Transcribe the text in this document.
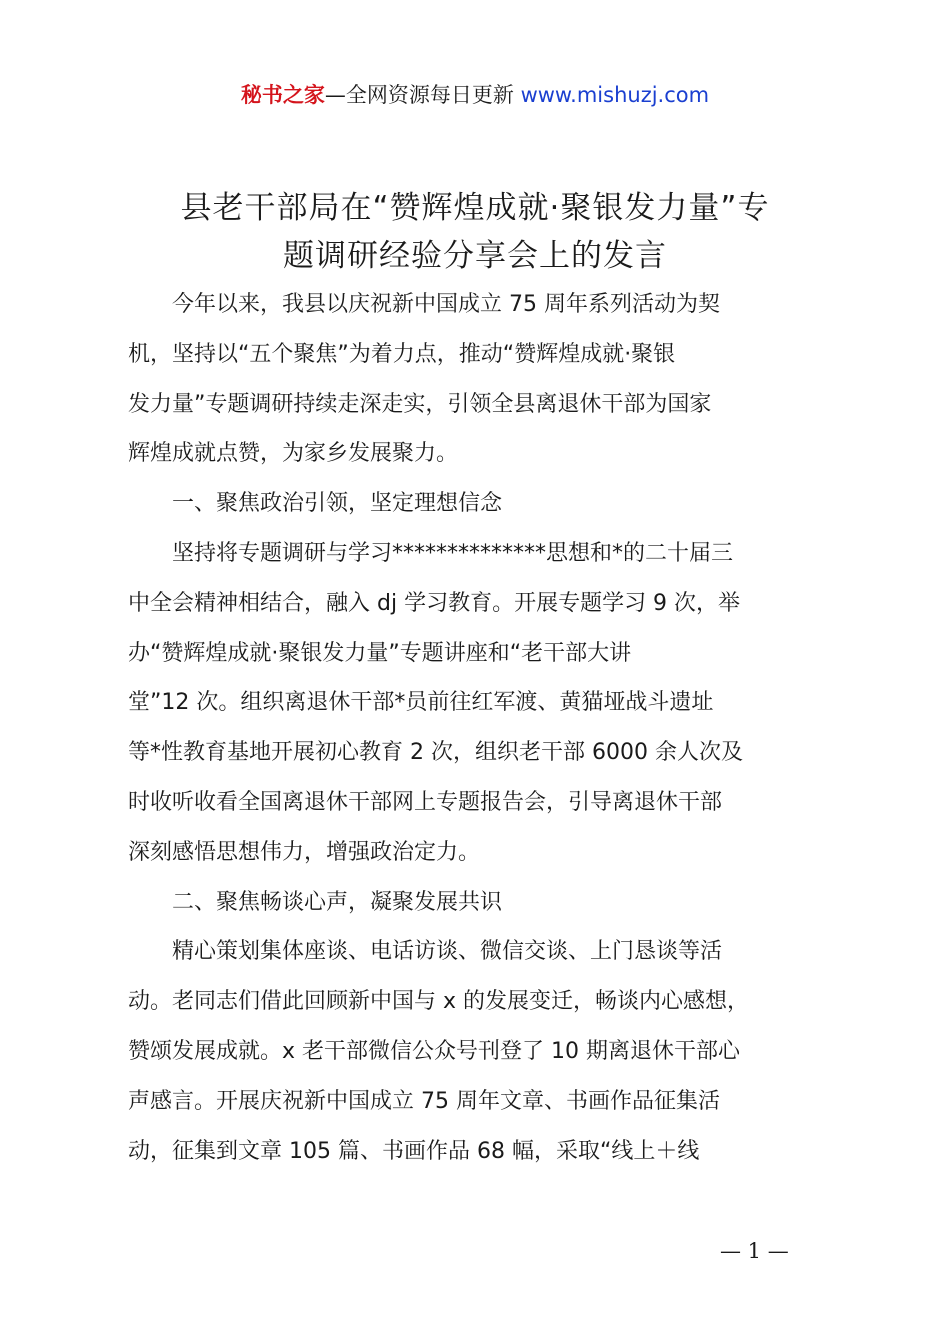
秘书之家—全网资源每日更新 www.mishuzj.com
县老干部局在“赞辉煌成就·聚银发力量”专
题调研经验分享会上的发言
　　今年以来，我县以庆祝新中国成立 75 周年系列活动为契
机，坚持以“五个聚焦”为着力点，推动“赞辉煌成就·聚银
发力量”专题调研持续走深走实，引领全县离退休干部为国家
辉煌成就点赞，为家乡发展聚力。
　　一、聚焦政治引领，坚定理想信念
　　坚持将专题调研与学习**************思想和*的二十届三
中全会精神相结合，融入 dj 学习教育。开展专题学习 9 次，举
办“赞辉煌成就·聚银发力量”专题讲座和“老干部大讲
堂”12 次。组织离退休干部*员前往红军渡、黄猫垭战斗遗址
等*性教育基地开展初心教育 2 次，组织老干部 6000 余人次及
时收听收看全国离退休干部网上专题报告会，引导离退休干部
深刻感悟思想伟力，增强政治定力。
　　二、聚焦畅谈心声，凝聚发展共识
　　精心策划集体座谈、电话访谈、微信交谈、上门恳谈等活
动。老同志们借此回顾新中国与 x 的发展变迁，畅谈内心感想，
赞颂发展成就。x 老干部微信公众号刊登了 10 期离退休干部心
声感言。开展庆祝新中国成立 75 周年文章、书画作品征集活
动，征集到文章 105 篇、书画作品 68 幅，采取“线上＋线
— 1 —
